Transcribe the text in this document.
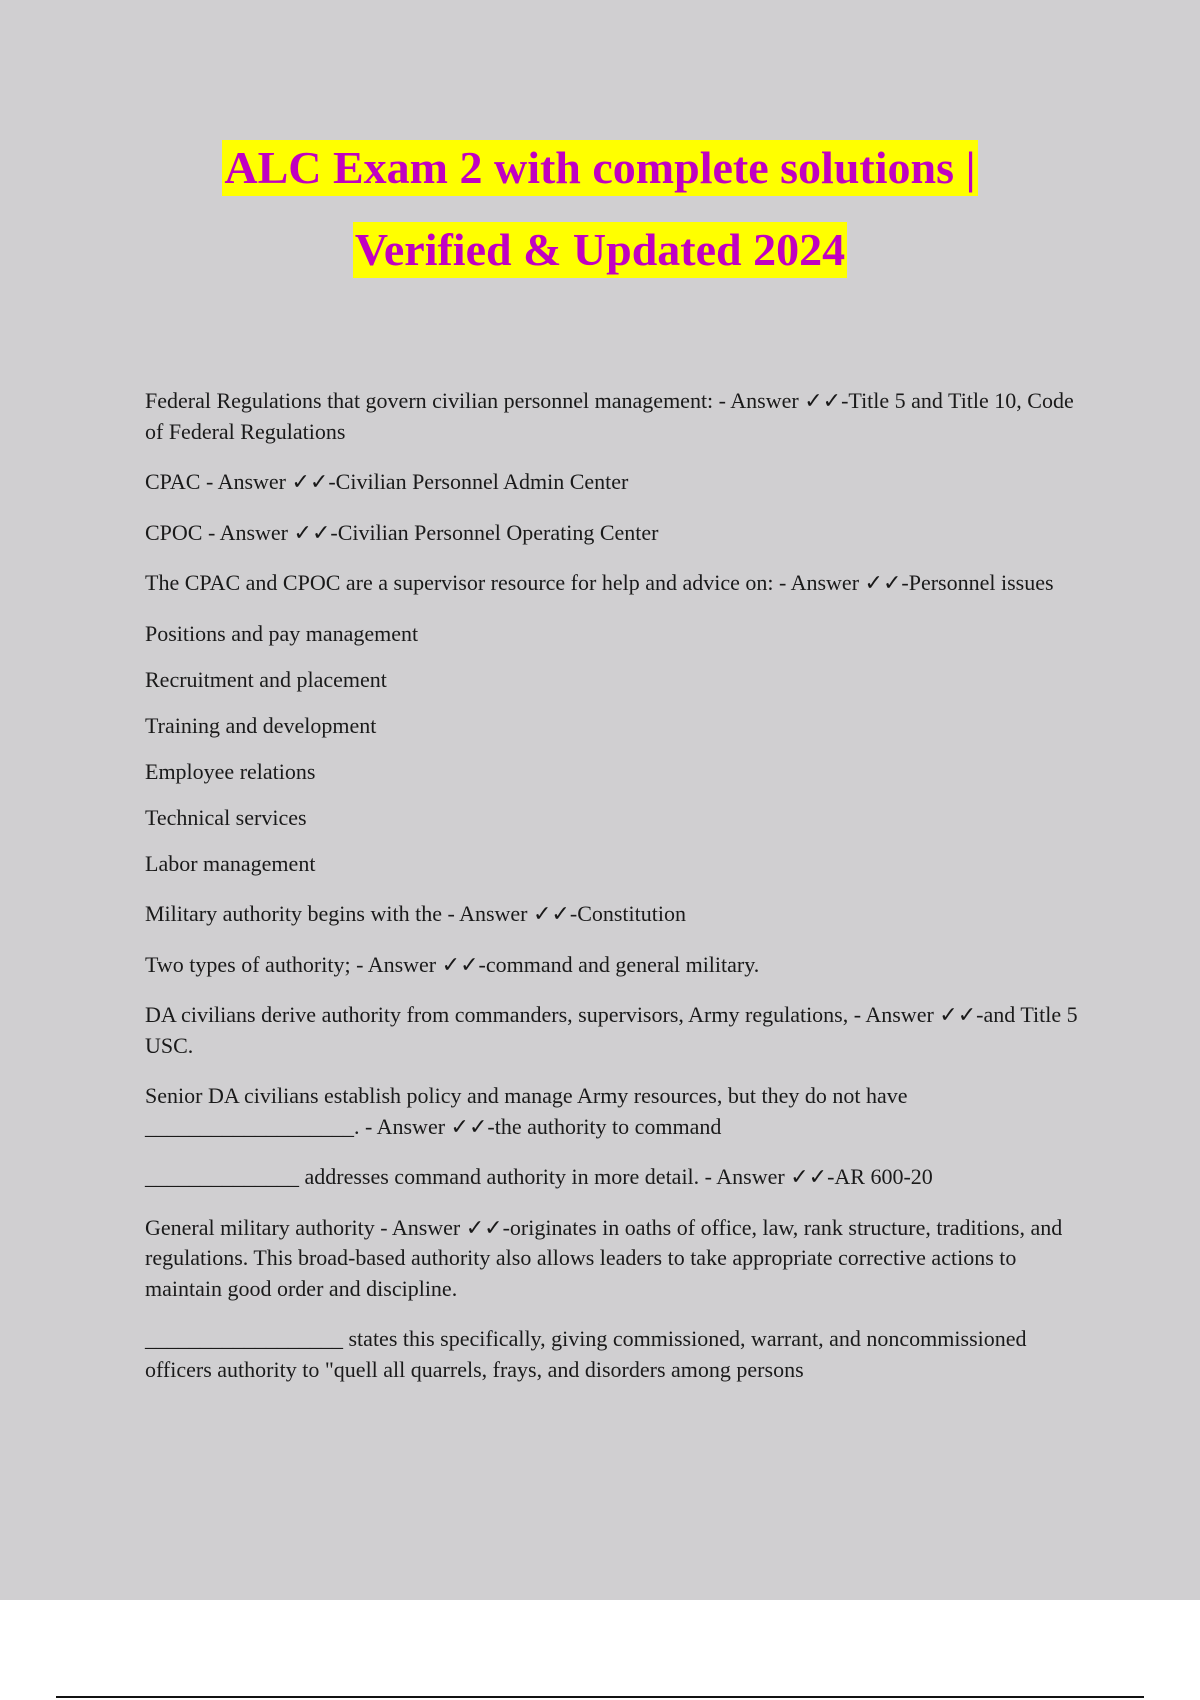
ALC Exam 2 with complete solutions |
Verified & Updated 2024

Federal Regulations that govern civilian personnel management: - Answer ✓✓-Title 5 and Title 10, Code of Federal Regulations

CPAC - Answer ✓✓-Civilian Personnel Admin Center

CPOC - Answer ✓✓-Civilian Personnel Operating Center

The CPAC and CPOC are a supervisor resource for help and advice on: - Answer ✓✓-Personnel issues

Positions and pay management

Recruitment and placement

Training and development

Employee relations

Technical services

Labor management

Military authority begins with the - Answer ✓✓-Constitution

Two types of authority; - Answer ✓✓-command and general military.

DA civilians derive authority from commanders, supervisors, Army regulations, - Answer ✓✓-and Title 5 USC.

Senior DA civilians establish policy and manage Army resources, but they do not have ___________________. - Answer ✓✓-the authority to command

______________ addresses command authority in more detail. - Answer ✓✓-AR 600-20

General military authority - Answer ✓✓-originates in oaths of office, law, rank structure, traditions, and regulations. This broad-based authority also allows leaders to take appropriate corrective actions to maintain good order and discipline.

__________________ states this specifically, giving commissioned, warrant, and noncommissioned officers authority to "quell all quarrels, frays, and disorders among persons
